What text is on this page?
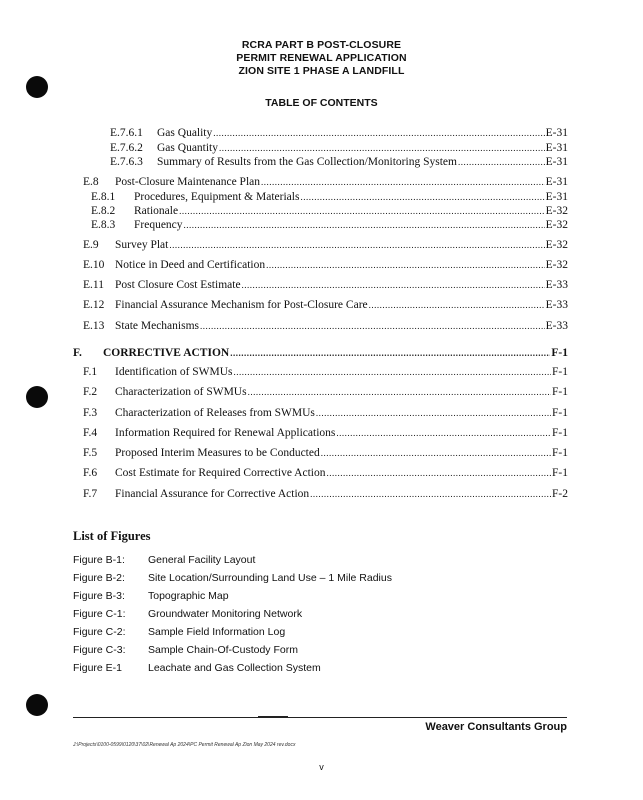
RCRA PART B POST-CLOSURE
PERMIT RENEWAL APPLICATION
ZION SITE 1 PHASE A LANDFILL
TABLE OF CONTENTS
E.7.6.1	Gas Quality .....	E-31
E.7.6.2	Gas Quantity .....	E-31
E.7.6.3	Summary of Results from the Gas Collection/Monitoring System .....	E-31
E.8	Post-Closure Maintenance Plan .....	E-31
E.8.1	Procedures, Equipment & Materials .....	E-31
E.8.2	Rationale .....	E-32
E.8.3	Frequency .....	E-32
E.9	Survey Plat .....	E-32
E.10 Notice in Deed and Certification .....	E-32
E.11 Post Closure Cost Estimate .....	E-33
E.12 Financial Assurance Mechanism for Post-Closure Care .....	E-33
E.13 State Mechanisms .....	E-33
F.	CORRECTIVE ACTION .....	F-1
F.1	Identification of SWMUs .....	F-1
F.2	Characterization of SWMUs .....	F-1
F.3	Characterization of Releases from SWMUs .....	F-1
F.4	Information Required for Renewal Applications .....	F-1
F.5	Proposed Interim Measures to be Conducted .....	F-1
F.6	Cost Estimate for Required Corrective Action .....	F-1
F.7	Financial Assurance for Corrective Action .....	F-2
List of Figures
Figure B-1: General Facility Layout
Figure B-2: Site Location/Surrounding Land Use – 1 Mile Radius
Figure B-3: Topographic Map
Figure C-1: Groundwater Monitoring Network
Figure C-2: Sample Field Information Log
Figure C-3: Sample Chain-Of-Custody Form
Figure E-1 Leachate and Gas Collection System
Weaver Consultants Group
J:\Projects\0100-0599\0120\37\02\Renewal Ap 2024\PC Permit Renewal Ap Zion May 2024 rev.docx
v
